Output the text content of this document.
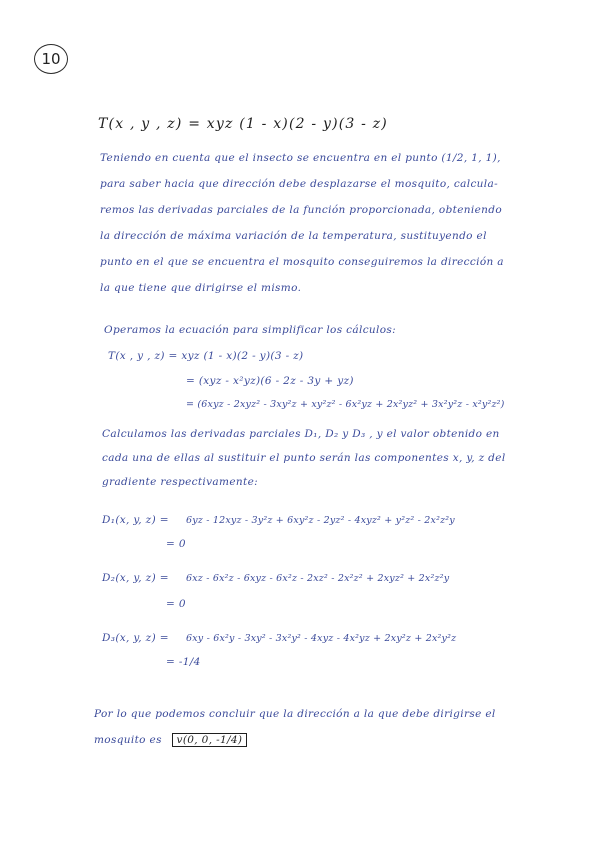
10
T(x , y , z) = xyz (1 - x)(2 - y)(3 - z)
Teniendo en cuenta que el insecto se encuentra en el punto (1/2, 1, 1),
para saber hacia que dirección debe desplazarse el mosquito, calcula-
remos las derivadas parciales de la función proporcionada, obteniendo
la dirección de máxima variación de la temperatura, sustituyendo el
punto en el que se encuentra el mosquito conseguiremos la dirección a
la que tiene que dirigirse el mismo.
Operamos la ecuación para simplificar los cálculos:
T(x , y , z) = xyz (1 - x)(2 - y)(3 - z)
= (xyz - x²yz)(6 - 2z - 3y + yz)
= (6xyz - 2xyz² - 3xy²z + xy²z² - 6x²yz + 2x²yz² + 3x²y²z - x²y²z²)
Calculamos las derivadas parciales D₁, D₂ y D₃ , y el valor obtenido en
cada una de ellas al sustituir el punto serán las componentes x, y, z del
gradiente respectivamente:
D₁(x, y, z) = 6yz - 12xyz - 3y²z + 6xy²z - 2yz² - 4xyz² + y²z² - 2x²z²y
= 0
D₂(x, y, z) = 6xz - 6x²z - 6xyz - 6x²z - 2xz² - 2x²z² + 2xyz² + 2x²z²y
= 0
D₃(x, y, z) = 6xy - 6x²y - 3xy² - 3x²y² - 4xyz - 4x²yz + 2xy²z + 2x²y²z
= -1/4
Por lo que podemos concluir que la dirección a la que debe dirigirse el
mosquito es v(0, 0, -1/4)
